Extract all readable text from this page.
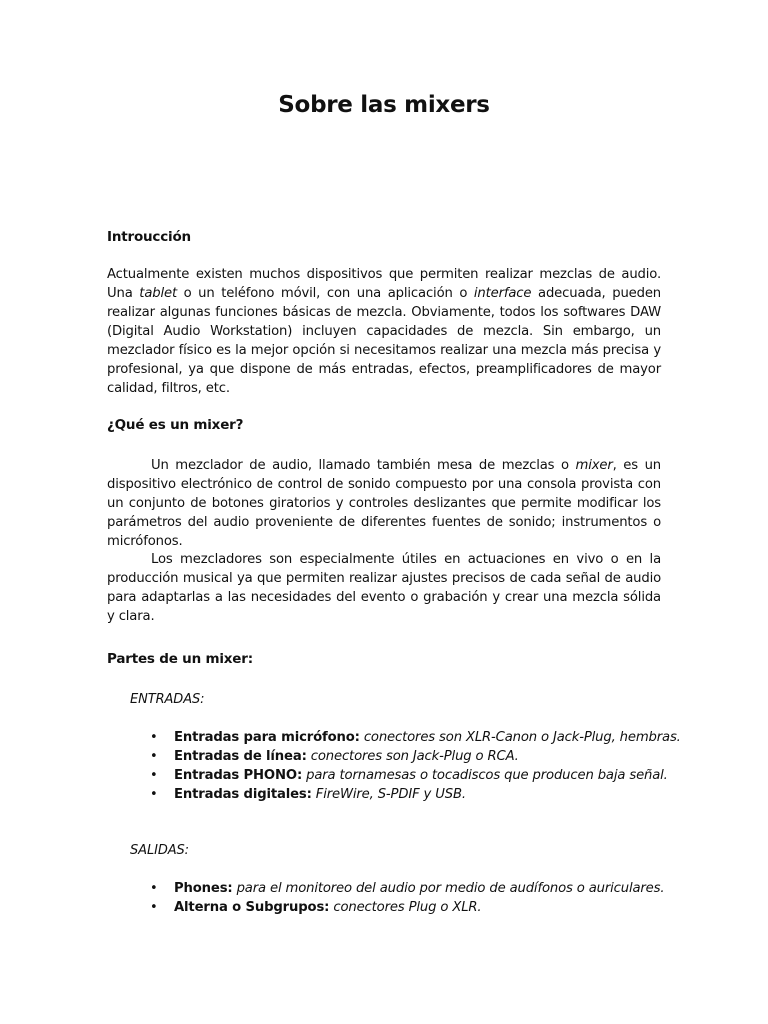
Sobre las mixers
Introucción
Actualmente existen muchos dispositivos que permiten realizar mezclas de audio. Una tablet o un teléfono móvil, con una aplicación o interface adecuada, pueden realizar algunas funciones básicas de mezcla. Obviamente, todos los softwares DAW (Digital Audio Workstation) incluyen capacidades de mezcla. Sin embargo, un mezclador físico es la mejor opción si necesitamos realizar una mezcla más precisa y profesional, ya que dispone de más entradas, efectos, preamplificadores de mayor calidad, filtros, etc.
¿Qué es un mixer?
Un mezclador de audio, llamado también mesa de mezclas o mixer, es un dispositivo electrónico de control de sonido compuesto por una consola provista con un conjunto de botones giratorios y controles deslizantes que permite modificar los parámetros del audio proveniente de diferentes fuentes de sonido; instrumentos o micrófonos.
Los mezcladores son especialmente útiles en actuaciones en vivo o en la producción musical ya que permiten realizar ajustes precisos de cada señal de audio para adaptarlas a las necesidades del evento o grabación y crear una mezcla sólida y clara.
Partes de un mixer:
ENTRADAS:
• Entradas para micrófono: conectores son XLR-Canon o Jack-Plug, hembras.
• Entradas de línea: conectores son Jack-Plug o RCA.
• Entradas PHONO: para tornamesas o tocadiscos que producen baja señal.
• Entradas digitales: FireWire, S-PDIF y USB.
SALIDAS:
• Phones: para el monitoreo del audio por medio de audífonos o auriculares.
• Alterna o Subgrupos: conectores Plug o XLR.
